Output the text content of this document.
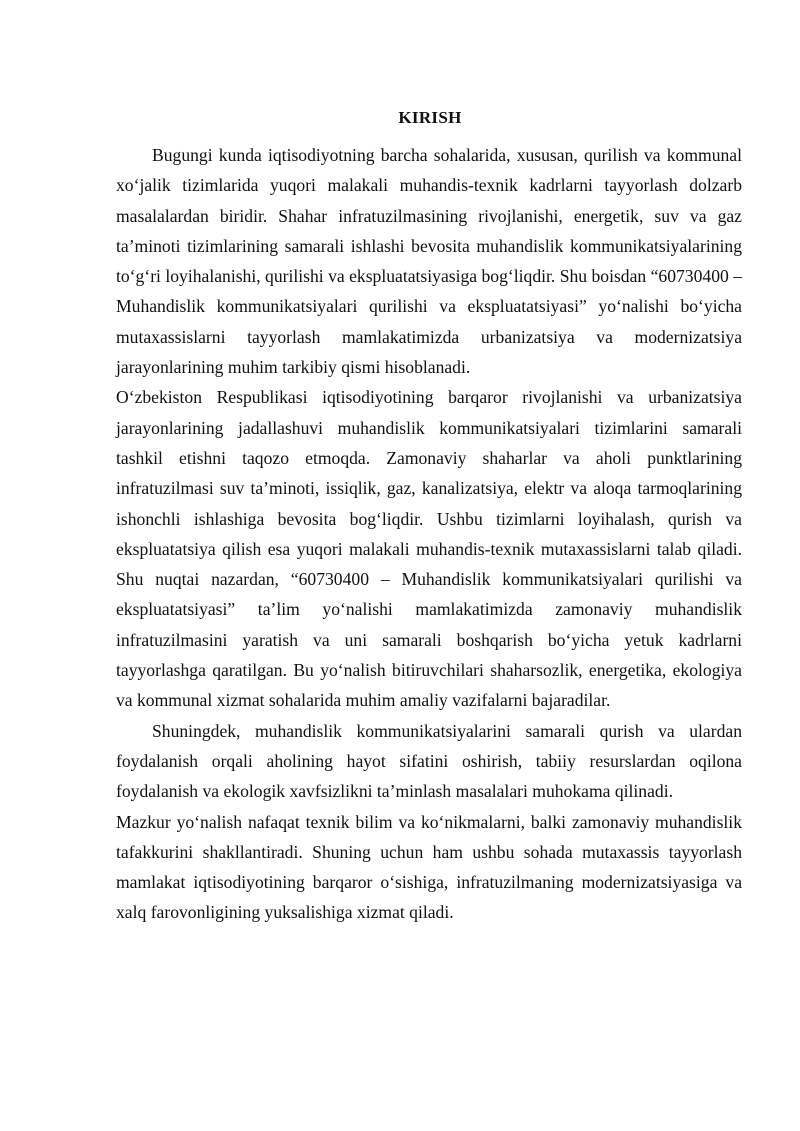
KIRISH

Bugungi kunda iqtisodiyotning barcha sohalarida, xususan, qurilish va kommunal xo‘jalik tizimlarida yuqori malakali muhandis-texnik kadrlarni tayyorlash dolzarb masalalardan biridir. Shahar infratuzilmasining rivojlanishi, energetik, suv va gaz ta’minoti tizimlarining samarali ishlashi bevosita muhandislik kommunikatsiyalarining to‘g‘ri loyihalanishi, qurilishi va ekspluatatsiyasiga bog‘liqdir. Shu boisdan “60730400 – Muhandislik kommunikatsiyalari qurilishi va ekspluatatsiyasi” yo‘nalishi bo‘yicha mutaxassislarni tayyorlash mamlakatimizda urbanizatsiya va modernizatsiya jarayonlarining muhim tarkibiy qismi hisoblanadi.

O‘zbekiston Respublikasi iqtisodiyotining barqaror rivojlanishi va urbanizatsiya jarayonlarining jadallashuvi muhandislik kommunikatsiyalari tizimlarini samarali tashkil etishni taqozo etmoqda. Zamonaviy shaharlar va aholi punktlarining infratuzilmasi suv ta’minoti, issiqlik, gaz, kanalizatsiya, elektr va aloqa tarmoqlarining ishonchli ishlashiga bevosita bog‘liqdir. Ushbu tizimlarni loyihalash, qurish va ekspluatatsiya qilish esa yuqori malakali muhandis-texnik mutaxassislarni talab qiladi. Shu nuqtai nazardan, “60730400 – Muhandislik kommunikatsiyalari qurilishi va ekspluatatsiyasi” ta’lim yo‘nalishi mamlakatimizda zamonaviy muhandislik infratuzilmasini yaratish va uni samarali boshqarish bo‘yicha yetuk kadrlarni tayyorlashga qaratilgan. Bu yo‘nalish bitiruvchilari shaharsozlik, energetika, ekologiya va kommunal xizmat sohalarida muhim amaliy vazifalarni bajaradilar.

Shuningdek, muhandislik kommunikatsiyalarini samarali qurish va ulardan foydalanish orqali aholining hayot sifatini oshirish, tabiiy resurslardan oqilona foydalanish va ekologik xavfsizlikni ta’minlash masalalari muhokama qilinadi.

Mazkur yo‘nalish nafaqat texnik bilim va ko‘nikmalarni, balki zamonaviy muhandislik tafakkurini shakllantiradi. Shuning uchun ham ushbu sohada mutaxassis tayyorlash mamlakat iqtisodiyotining barqaror o‘sishiga, infratuzilmaning modernizatsiyasiga va xalq farovonligining yuksalishiga xizmat qiladi.
